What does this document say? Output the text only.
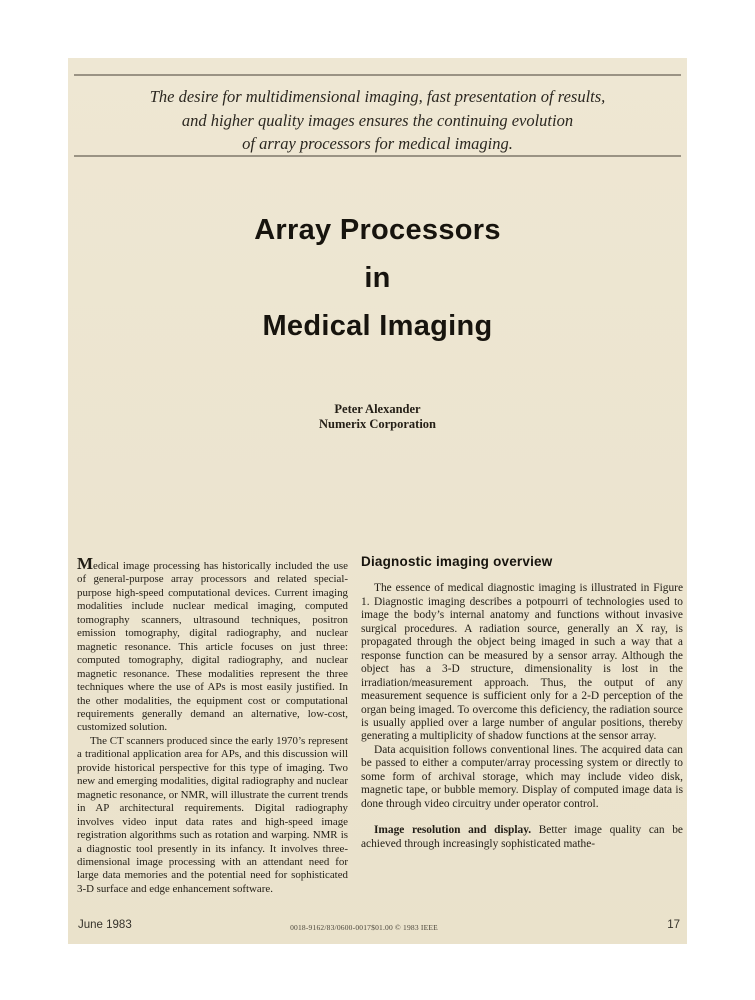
The desire for multidimensional imaging, fast presentation of results,
and higher quality images ensures the continuing evolution
of array processors for medical imaging.
Array Processors
in
Medical Imaging
Peter Alexander
Numerix Corporation

Medical image processing has historically included the use of general-purpose array processors and related special-purpose high-speed computational devices. Current imaging modalities include nuclear medical imaging, computed tomography scanners, ultrasound techniques, positron emission tomography, digital radiography, and nuclear magnetic resonance. This article focuses on just three: computed tomography, digital radiography, and nuclear magnetic resonance. These modalities represent the three techniques where the use of APs is most easily justified. In the other modalities, the equipment cost or computational requirements generally demand an alternative, low-cost, customized solution.

The CT scanners produced since the early 1970’s represent a traditional application area for APs, and this discussion will provide historical perspective for this type of imaging. Two new and emerging modalities, digital radiography and nuclear magnetic resonance, or NMR, will illustrate the current trends in AP architectural requirements. Digital radiography involves video input data rates and high-speed image registration algorithms such as rotation and warping. NMR is a diagnostic tool presently in its infancy. It involves three-dimensional image processing with an attendant need for large data memories and the potential need for sophisticated 3-D surface and edge enhancement software.

Diagnostic imaging overview

The essence of medical diagnostic imaging is illustrated in Figure 1. Diagnostic imaging describes a potpourri of technologies used to image the body’s internal anatomy and functions without invasive surgical procedures. A radiation source, generally an X ray, is propagated through the object being imaged in such a way that a response function can be measured by a sensor array. Although the object has a 3-D structure, dimensionality is lost in the irradiation/measurement approach. Thus, the output of any measurement sequence is sufficient only for a 2-D perception of the organ being imaged. To overcome this deficiency, the radiation source is usually applied over a large number of angular positions, thereby generating a multiplicity of shadow functions at the sensor array.

Data acquisition follows conventional lines. The acquired data can be passed to either a computer/array processing system or directly to some form of archival storage, which may include video disk, magnetic tape, or bubble memory. Display of computed image data is done through video circuitry under operator control.

Image resolution and display. Better image quality can be achieved through increasingly sophisticated mathe-

June 1983	0018-9162/83/0600-0017$01.00 © 1983 IEEE	17
